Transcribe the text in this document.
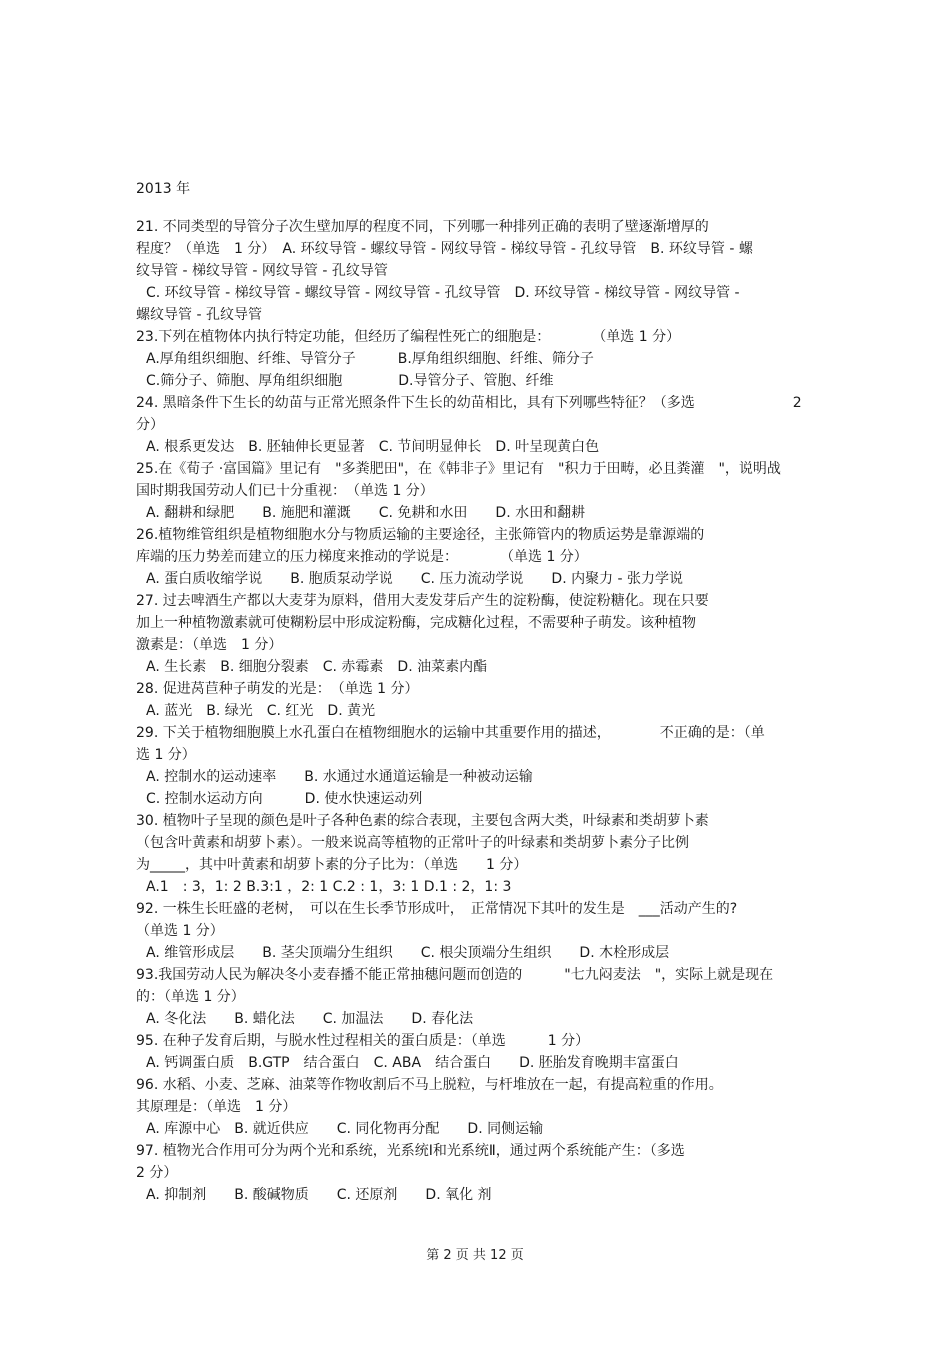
2013 年
21. 不同类型的导管分子次生壁加厚的程度不同，下列哪一种排列正确的表明了壁逐渐增厚的
程度？（单选　1 分）　A. 环纹导管 - 螺纹导管 - 网纹导管 - 梯纹导管 - 孔纹导管　B. 环纹导管 - 螺
纹导管 - 梯纹导管 - 网纹导管 - 孔纹导管
C. 环纹导管 - 梯纹导管 - 螺纹导管 - 网纹导管 - 孔纹导管　D. 环纹导管 - 梯纹导管 - 网纹导管 -
螺纹导管 - 孔纹导管
23.下列在植物体内执行特定功能，但经历了编程性死亡的细胞是：　　　　（单选 1 分）
A.厚角组织细胞、纤维、导管分子　　　B.厚角组织细胞、纤维、筛分子
C.筛分子、筛胞、厚角组织细胞　　　　D.导管分子、管胞、纤维
24. 黑暗条件下生长的幼苗与正常光照条件下生长的幼苗相比，具有下列哪些特征？（多选　　　　　　　2
分）
A. 根系更发达　B. 胚轴伸长更显著　C. 节间明显伸长　D. 叶呈现黄白色
25.在《荀子 ·富国篇》里记有　"多粪肥田"，在《韩非子》里记有　"积力于田畴，必且粪灌　"，说明战
国时期我国劳动人们已十分重视：　（单选 1 分）
A. 翻耕和绿肥　　B. 施肥和灌溉　　C. 免耕和水田　　D. 水田和翻耕
26.植物维管组织是植物细胞水分与物质运输的主要途径，主张筛管内的物质运势是靠源端的
库端的压力势差而建立的压力梯度来推动的学说是：　　　　（单选 1 分）
A. 蛋白质收缩学说　　B. 胞质泵动学说　　C. 压力流动学说　　D. 内聚力 - 张力学说
27. 过去啤酒生产都以大麦芽为原料，借用大麦发芽后产生的淀粉酶，使淀粉糖化。现在只要
加上一种植物激素就可使糊粉层中形成淀粉酶，完成糖化过程，不需要种子萌发。该种植物
激素是：（单选　1 分）
A. 生长素　B. 细胞分裂素　C. 赤霉素　D. 油菜素内酯
28. 促进莴苣种子萌发的光是：　（单选 1 分）
A. 蓝光　B. 绿光　C. 红光　D. 黄光
29. 下关于植物细胞膜上水孔蛋白在植物细胞水的运输中其重要作用的描述，　　　　不正确的是：（单
选 1 分）
A. 控制水的运动速率　　B. 水通过水通道运输是一种被动运输
C. 控制水运动方向　　　D. 使水快速运动列
30. 植物叶子呈现的颜色是叶子各种色素的综合表现，主要包含两大类，叶绿素和类胡萝卜素
（包含叶黄素和胡萝卜素）。一般来说高等植物的正常叶子的叶绿素和类胡萝卜素分子比例
为_____，其中叶黄素和胡萝卜素的分子比为：（单选　　1 分）
A.1　: 3，1: 2 B.3:1 ，2: 1 C.2 : 1，3: 1 D.1 : 2，1: 3
92. 一株生长旺盛的老树，　可以在生长季节形成叶，　正常情况下其叶的发生是　___活动产生的?
（单选 1 分）
A. 维管形成层　　B. 茎尖顶端分生组织　　C. 根尖顶端分生组织　　D. 木栓形成层
93.我国劳动人民为解决冬小麦春播不能正常抽穗问题而创造的　　　"七九闷麦法　"，实际上就是现在
的：（单选 1 分）
A. 冬化法　　B. 蜡化法　　C. 加温法　　D. 春化法
95. 在种子发育后期，与脱水性过程相关的蛋白质是：（单选　　　1 分）
A. 钙调蛋白质　B.GTP　结合蛋白　C. ABA　结合蛋白　　D. 胚胎发育晚期丰富蛋白
96. 水稻、小麦、芝麻、油菜等作物收割后不马上脱粒，与杆堆放在一起，有提高粒重的作用。
其原理是：（单选　1 分）
A. 库源中心　B. 就近供应　　C. 同化物再分配　　D. 同侧运输
97. 植物光合作用可分为两个光和系统，光系统Ⅰ和光系统Ⅱ，通过两个系统能产生：（多选
2 分）
A. 抑制剂　　B. 酸碱物质　　C. 还原剂　　D. 氧化 剂
第 2 页 共 12 页
